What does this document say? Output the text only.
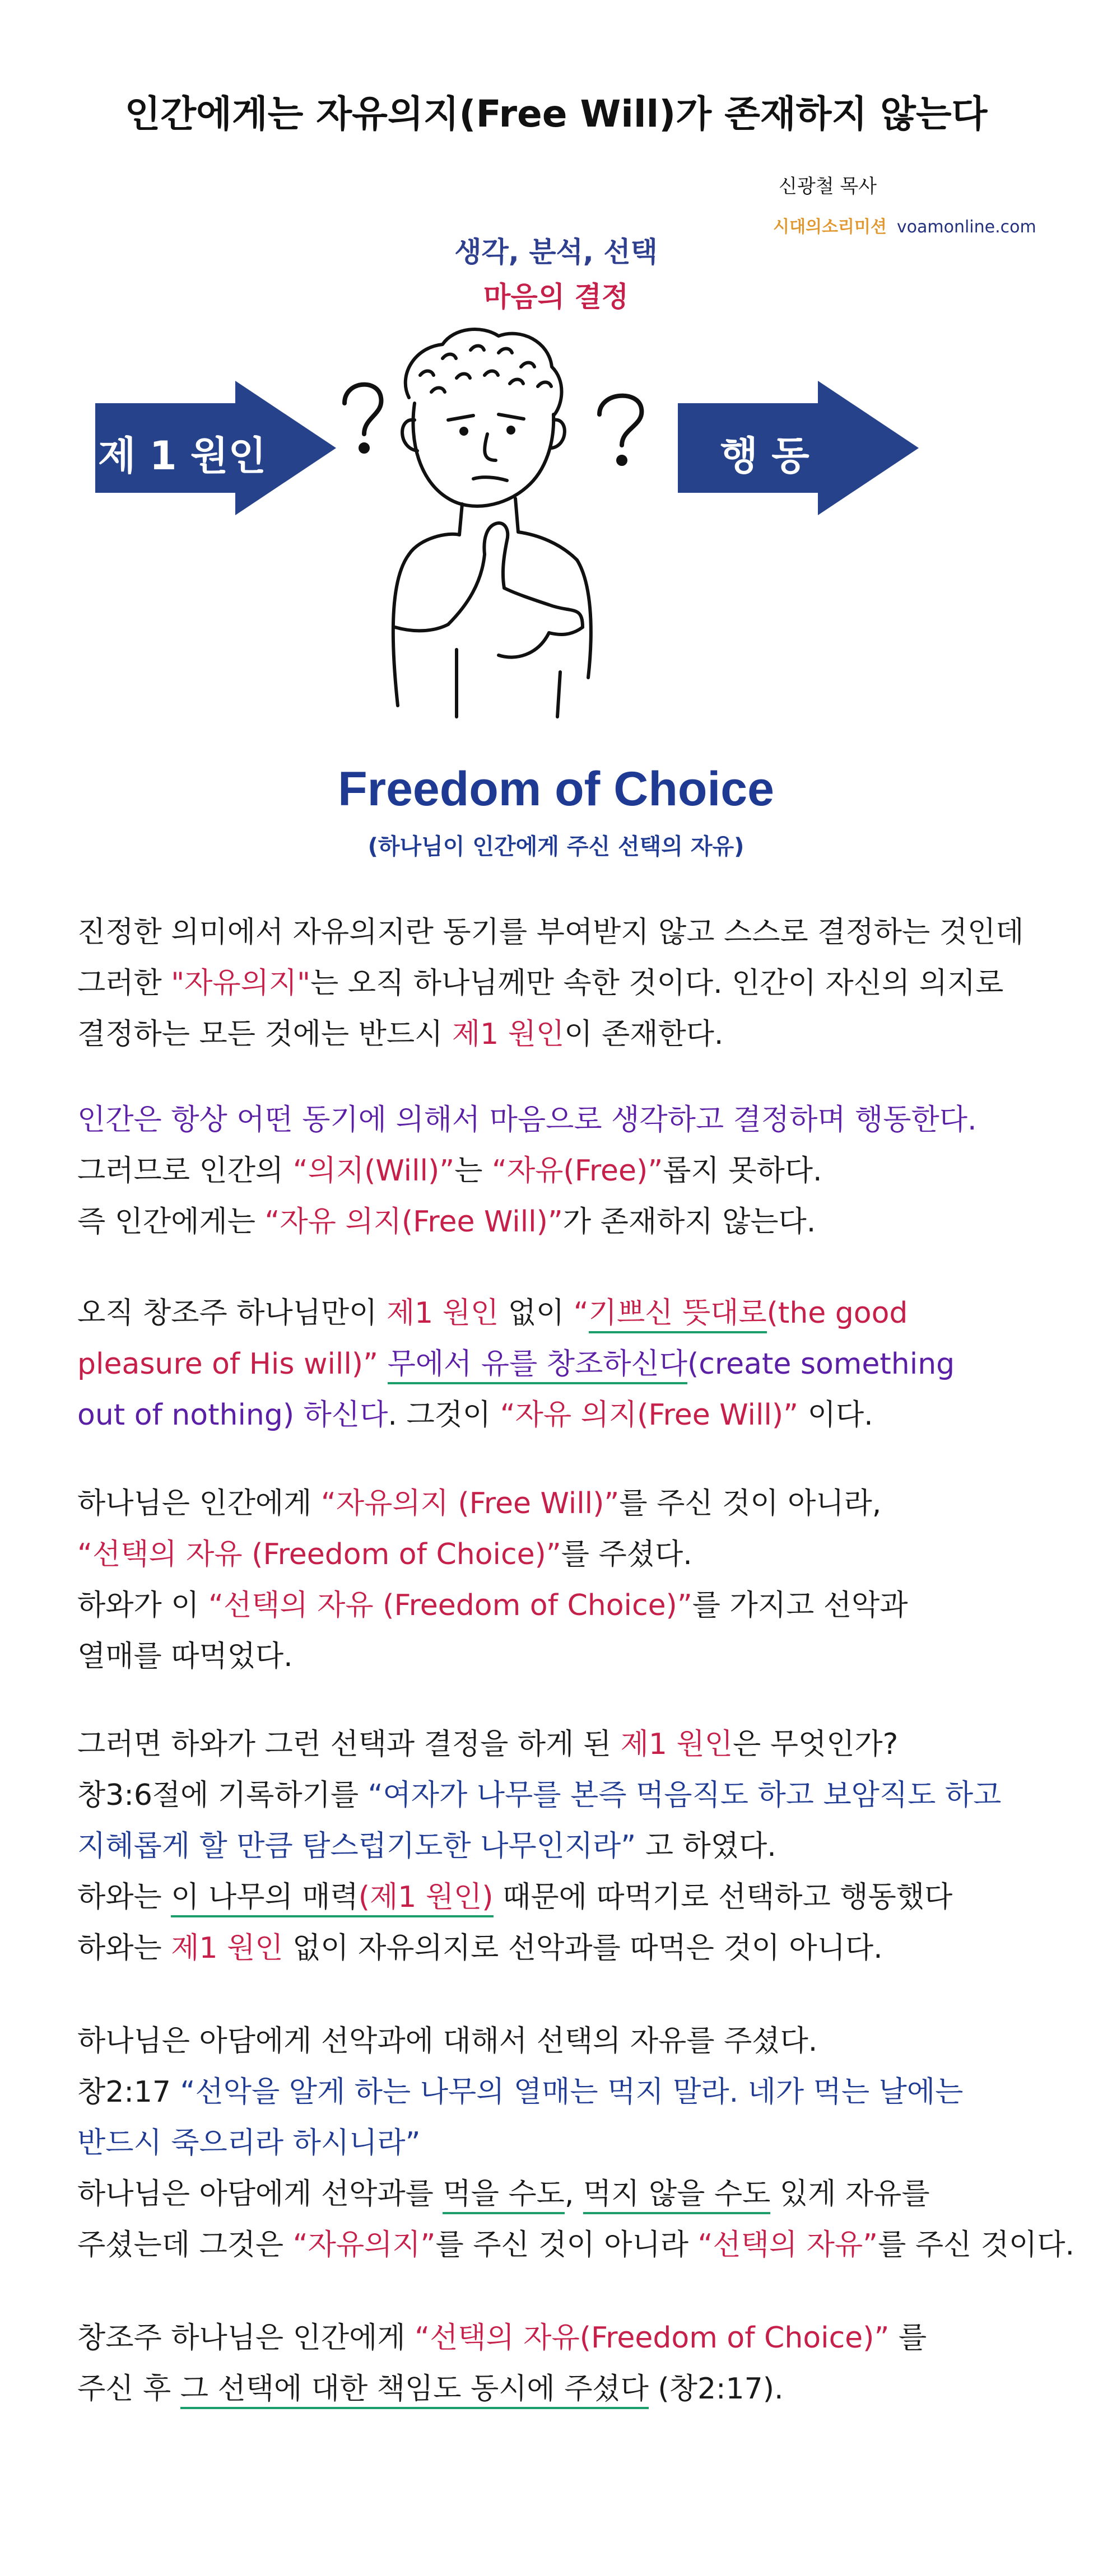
인간에게는 자유의지(Free Will)가 존재하지 않는다
신광철 목사
시대의소리미션 voamonline.com
생각, 분석, 선택
마음의 결정
제 1 원인	행 동
Freedom of Choice
(하나님이 인간에게 주신 선택의 자유)

진정한 의미에서 자유의지란 동기를 부여받지 않고 스스로 결정하는 것인데

그러한 "자유의지"는 오직 하나님께만 속한 것이다. 인간이 자신의 의지로

결정하는 모든 것에는 반드시 제1 원인이 존재한다.

인간은 항상 어떤 동기에 의해서 마음으로 생각하고 결정하며 행동한다.

그러므로 인간의 “의지(Will)”는 “자유(Free)”롭지 못하다.

즉 인간에게는 “자유 의지(Free Will)”가 존재하지 않는다.

오직 창조주 하나님만이 제1 원인 없이 “기쁘신 뜻대로(the good

pleasure of His will)” 무에서 유를 창조하신다(create something

out of nothing) 하신다. 그것이 “자유 의지(Free Will)” 이다.

하나님은 인간에게 “자유의지 (Free Will)”를 주신 것이 아니라,

“선택의 자유 (Freedom of Choice)”를 주셨다.

하와가 이 “선택의 자유 (Freedom of Choice)”를 가지고 선악과

열매를 따먹었다.

그러면 하와가 그런 선택과 결정을 하게 된 제1 원인은 무엇인가?

창3:6절에 기록하기를 “여자가 나무를 본즉 먹음직도 하고 보암직도 하고

지혜롭게 할 만큼 탐스럽기도한 나무인지라” 고 하였다.

하와는 이 나무의 매력(제1 원인) 때문에 따먹기로 선택하고 행동했다

하와는 제1 원인 없이 자유의지로 선악과를 따먹은 것이 아니다.

하나님은 아담에게 선악과에 대해서 선택의 자유를 주셨다.

창2:17 “선악을 알게 하는 나무의 열매는 먹지 말라. 네가 먹는 날에는

반드시 죽으리라 하시니라”

하나님은 아담에게 선악과를 먹을 수도, 먹지 않을 수도 있게 자유를

주셨는데 그것은 “자유의지”를 주신 것이 아니라 “선택의 자유”를 주신 것이다.

창조주 하나님은 인간에게 “선택의 자유(Freedom of Choice)” 를

주신 후 그 선택에 대한 책임도 동시에 주셨다 (창2:17).
